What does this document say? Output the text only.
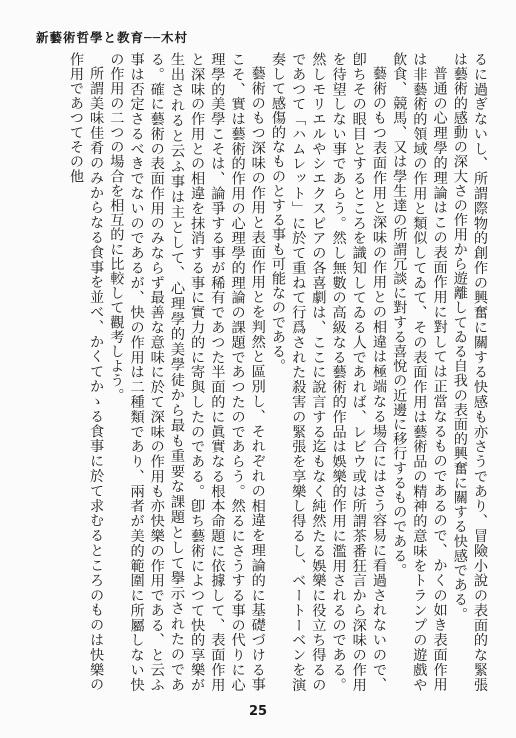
新藝術哲學と教育──木村

るに過ぎないし、所謂際物的創作の興奮に關する快感も亦さうであり、冒險小說の表面的な緊張は藝術的感動の深大さの作用から遊離してゐる自我の表面的興奮に關する快感である。

普通の心理學的理論はこの表面作用に對しては正當なるものであるので、かくの如き表面作用は非藝術的領域の作用と類似してゐて、その表面作用は藝術品の精神的意味をトランプの遊戲や飮食、競馬、又は學生達の所謂冗談に對する喜悅の近邊に移行するものである。

藝術のもつ表面作用と深味の作用との相違は極端なる場合にはさう容易に看過されないので、卽ちその眼目とするところを識知してゐる人であれば、レビウ或は所謂茶番狂言から深味の作用を待望しない事であらう。然し無數の高級なる藝術的作品は娛樂的作用に濫用されるのである。然しモリエルやシエクスピアの各喜劇は、ここに說言する迄もなく純然たる娛樂に役立ち得るのであつて「ハムレット」に於て重ねて行爲された殺害の緊張を享樂し得るし、ベートーベンを演奏して感傷的なものとする事も可能なのである。

藝術のもつ深味の作用と表面作用とを判然と區別し、それぞれの相違を理論的に基礎づける事こそ、實は藝術的作用の心理學的理論の課題であつたのであらう。然るにさうする事の代りに心理學的美學こそは、論爭する事が稀有であつた半面的に眞實なる根本命題に依據して、表面作用と深味の作用との相違を抹消する事に實力的に寄與したのである。卽ち藝術によつて快的享樂が生出されると云ふ事は主として、心理學的美學徒から最も重要な課題として擧示されたのである。確に藝術の表面作用のみならず最善な意味に於て深味の作用も亦快樂の作用である、と云ふ事は否定さるべきでないのであるが、快の作用は二種類であり、兩者が美的範圍に所屬しない快の作用の二つの場合を相互的に比較して觀考しよう。

所謂美味佳肴のみからなる食事を並べ、かくてかゝる食事に於て求むるところのものは快樂の作用であつてその他

25
